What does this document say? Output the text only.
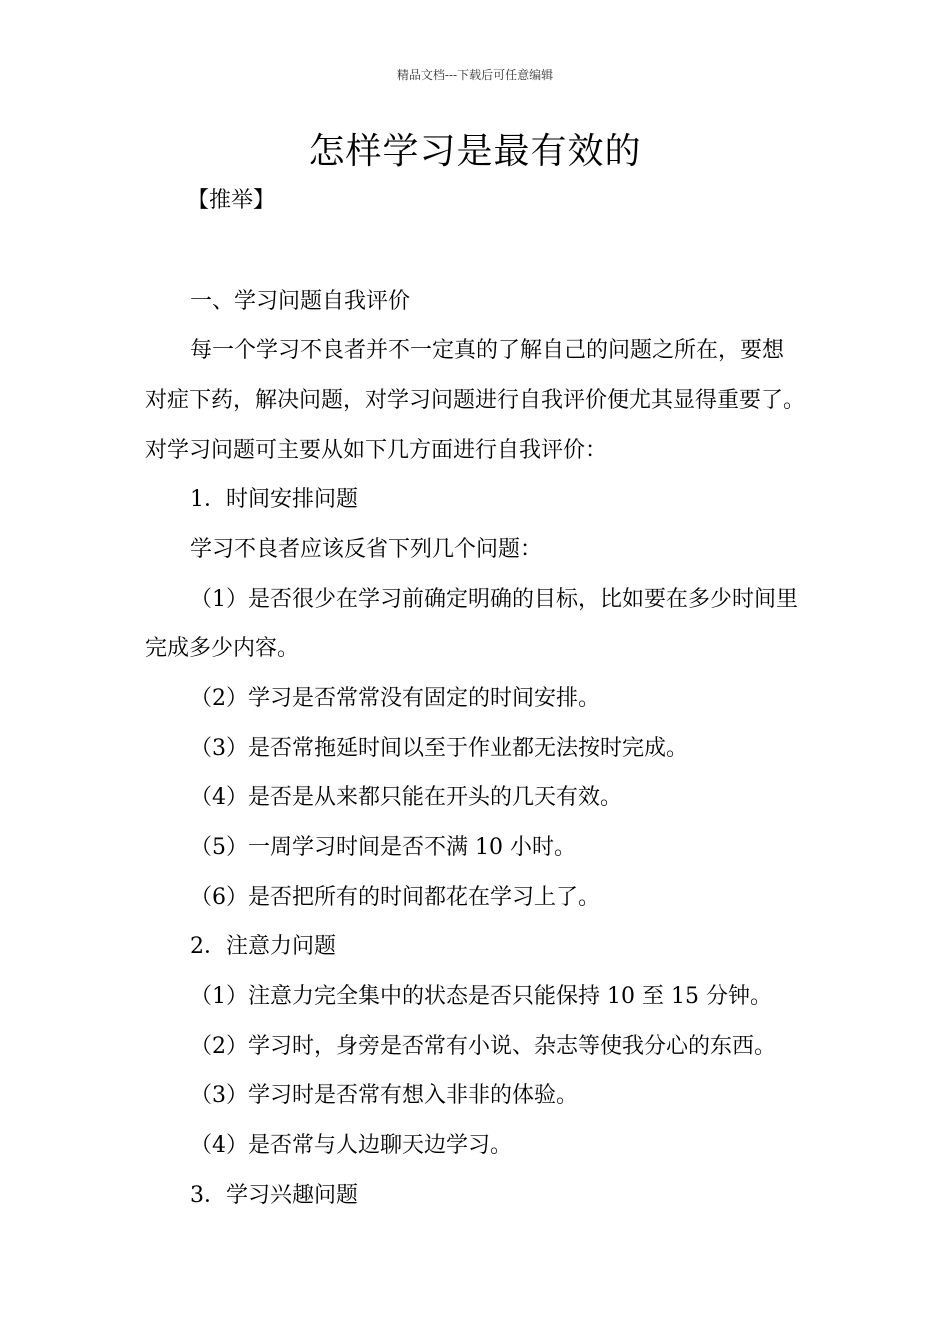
精品文档---下载后可任意编辑
怎样学习是最有效的
【推举】
一、学习问题自我评价
每一个学习不良者并不一定真的了解自己的问题之所在，要想
对症下药，解决问题，对学习问题进行自我评价便尤其显得重要了。
对学习问题可主要从如下几方面进行自我评价：
1．时间安排问题
学习不良者应该反省下列几个问题：
（1）是否很少在学习前确定明确的目标，比如要在多少时间里
完成多少内容。
（2）学习是否常常没有固定的时间安排。
（3）是否常拖延时间以至于作业都无法按时完成。
（4）是否是从来都只能在开头的几天有效。
（5）一周学习时间是否不满 10 小时。
（6）是否把所有的时间都花在学习上了。
2．注意力问题
（1）注意力完全集中的状态是否只能保持 10 至 15 分钟。
（2）学习时，身旁是否常有小说、杂志等使我分心的东西。
（3）学习时是否常有想入非非的体验。
（4）是否常与人边聊天边学习。
3．学习兴趣问题
